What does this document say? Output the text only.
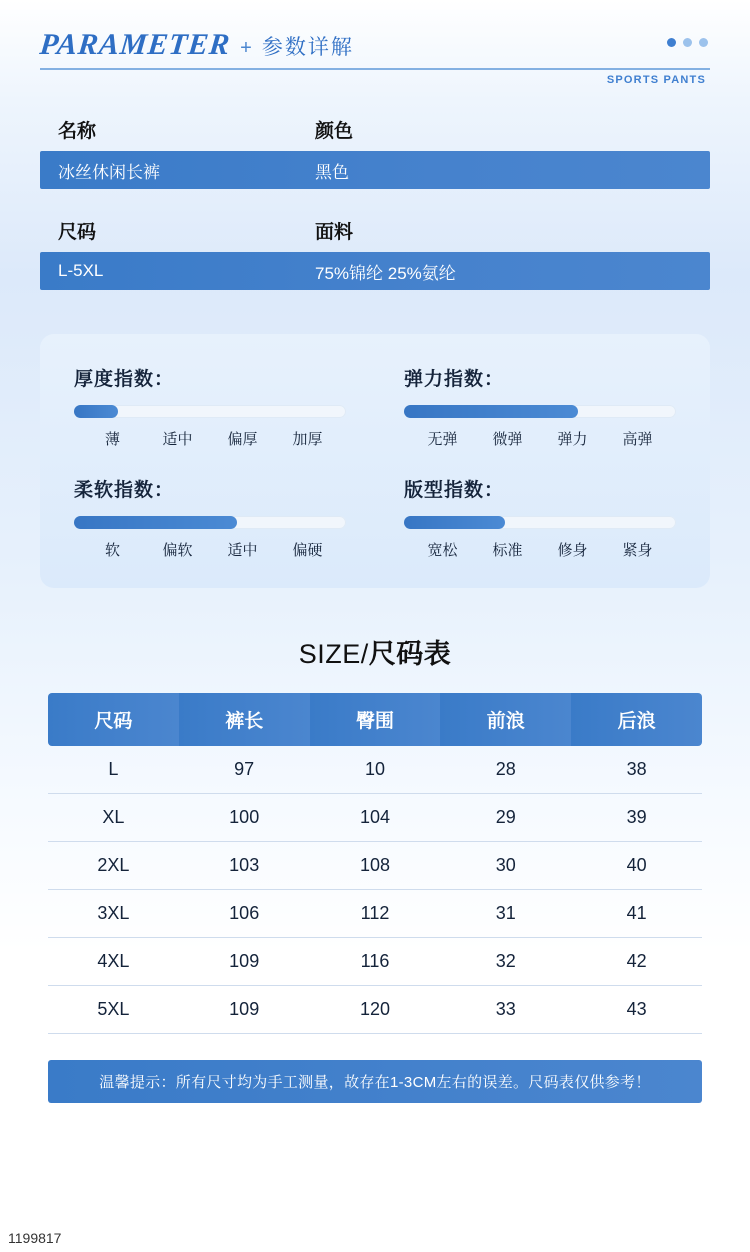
PARAMETER + 参数详解
SPORTS PANTS
名称	颜色
冰丝休闲长裤	黑色
尺码	面料
L-5XL	75%锦纶 25%氨纶
厚度指数：
薄	适中	偏厚	加厚
弹力指数：
无弹	微弹	弹力	高弹
柔软指数：
软	偏软	适中	偏硬
版型指数：
宽松	标准	修身	紧身
SIZE/尺码表
尺码	裤长	臀围	前浪	后浪
L	97	10	28	38
XL	100	104	29	39
2XL	103	108	30	40
3XL	106	112	31	41
4XL	109	116	32	42
5XL	109	120	33	43
温馨提示：所有尺寸均为手工测量，故存在1-3CM左右的误差。尺码表仅供参考！
1199817
